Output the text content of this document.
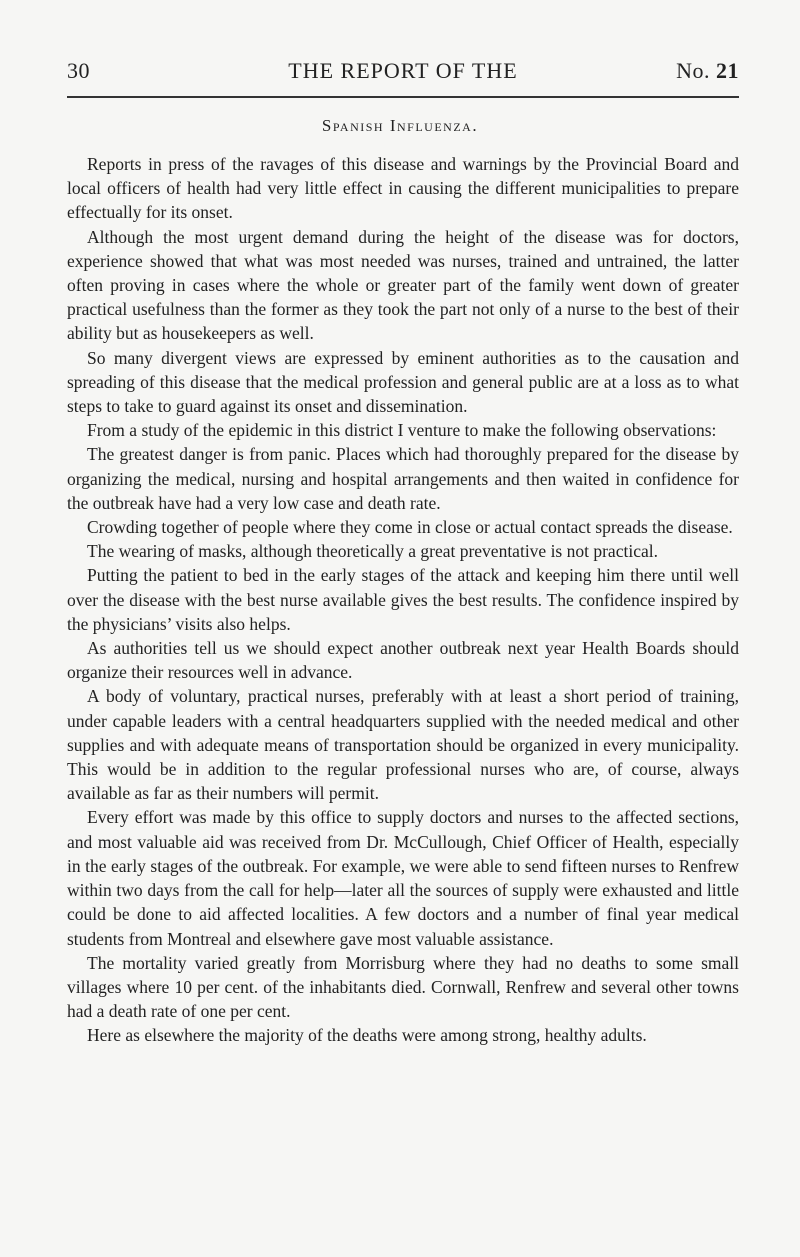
30	THE REPORT OF THE	No. 21
Spanish Influenza.

Reports in press of the ravages of this disease and warnings by the Provincial Board and local officers of health had very little effect in causing the different municipalities to prepare effectually for its onset.

Although the most urgent demand during the height of the disease was for doctors, experience showed that what was most needed was nurses, trained and untrained, the latter often proving in cases where the whole or greater part of the family went down of greater practical usefulness than the former as they took the part not only of a nurse to the best of their ability but as housekeepers as well.

So many divergent views are expressed by eminent authorities as to the causation and spreading of this disease that the medical profession and general public are at a loss as to what steps to take to guard against its onset and dissemination.

From a study of the epidemic in this district I venture to make the following observations:

The greatest danger is from panic. Places which had thoroughly prepared for the disease by organizing the medical, nursing and hospital arrangements and then waited in confidence for the outbreak have had a very low case and death rate.

Crowding together of people where they come in close or actual contact spreads the disease.

The wearing of masks, although theoretically a great preventative is not practical.

Putting the patient to bed in the early stages of the attack and keeping him there until well over the disease with the best nurse available gives the best results. The confidence inspired by the physicians’ visits also helps.

As authorities tell us we should expect another outbreak next year Health Boards should organize their resources well in advance.

A body of voluntary, practical nurses, preferably with at least a short period of training, under capable leaders with a central headquarters supplied with the needed medical and other supplies and with adequate means of transportation should be organized in every municipality. This would be in addition to the regular professional nurses who are, of course, always available as far as their numbers will permit.

Every effort was made by this office to supply doctors and nurses to the affected sections, and most valuable aid was received from Dr. McCullough, Chief Officer of Health, especially in the early stages of the outbreak. For example, we were able to send fifteen nurses to Renfrew within two days from the call for help—later all the sources of supply were exhausted and little could be done to aid affected localities. A few doctors and a number of final year medical students from Montreal and elsewhere gave most valuable assistance.

The mortality varied greatly from Morrisburg where they had no deaths to some small villages where 10 per cent. of the inhabitants died. Cornwall, Renfrew and several other towns had a death rate of one per cent.

Here as elsewhere the majority of the deaths were among strong, healthy adults.
